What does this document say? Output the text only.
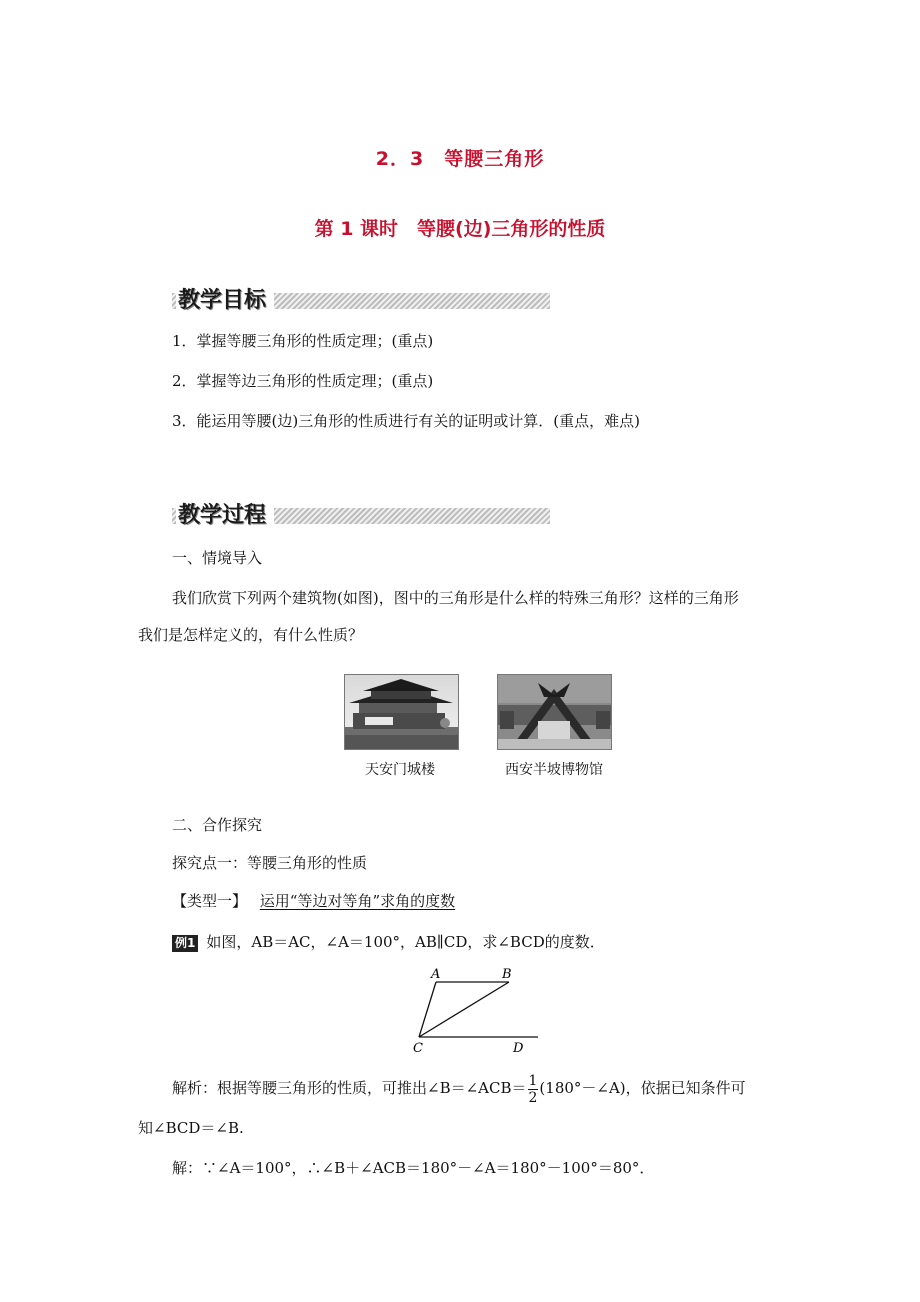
2．3　等腰三角形
第 1 课时　等腰(边)三角形的性质
教学目标
1．掌握等腰三角形的性质定理；(重点)
2．掌握等边三角形的性质定理；(重点)
3．能运用等腰(边)三角形的性质进行有关的证明或计算．(重点，难点)
教学过程
一、情境导入
我们欣赏下列两个建筑物(如图)，图中的三角形是什么样的特殊三角形？这样的三角形
我们是怎样定义的，有什么性质？
天安门城楼	西安半坡博物馆
二、合作探究
探究点一：等腰三角形的性质
【类型一】 运用“等边对等角”求角的度数
例1 如图，AB＝AC，∠A＝100°，AB∥CD，求∠BCD的度数．
A	B
C	D
解析：根据等腰三角形的性质，可推出∠B＝∠ACB＝ $\frac{1}{2}$ (180°－∠A)，依据已知条件可
知∠BCD＝∠B.
解：∵∠A＝100°，∴∠B＋∠ACB＝180°－∠A＝180°－100°＝80°．
